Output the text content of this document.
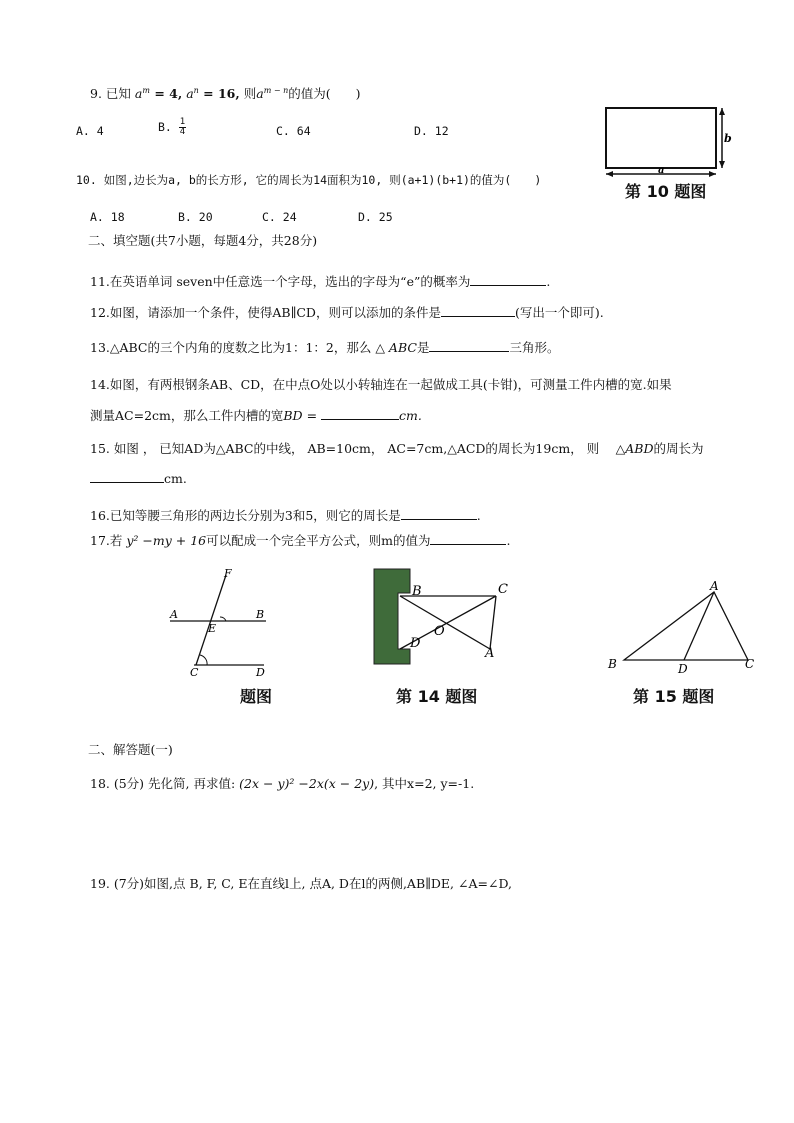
9. 已知 $a^m = 4$, $a^n = 16$, 则$a^{m - n}$的值为(　　)
A. 4	B. $\frac{1}{4}$	C. 64	D. 12
b
a
第 10 题图
10. 如图,边长为a, b的长方形, 它的周长为14面积为10, 则(a+1)(b+1)的值为(　　)
A. 18	B. 20	C. 24	D. 25
二、填空题(共7小题，每题4分，共28分)
11.在英语单词 seven中任意选一个字母，选出的字母为“e”的概率为	.
12.如图，请添加一个条件，使得AB∥CD，则可以添加的条件是	(写出一个即可).
13.△ABC的三个内角的度数之比为1：1：2，那么 △ ABC是	三角形。
14.如图，有两根钢条AB、CD，在中点O处以小转轴连在一起做成工具(卡钳)，可测量工件内槽的宽.如果
测量AC=2cm，那么工件内槽的宽BD =	cm.
15. 如图 ， 已知AD为△ABC的中线， AB=10cm， AC=7cm,△ACD的周长为19cm， 则　 △ABD的周长为
cm.
16.已知等腰三角形的两边长分别为3和5，则它的周长是	.
17.若 y² −my + 16可以配成一个完全平方公式，则m的值为	.
F
A	B
E
C	D
题图
B	C
O
D
A
第 14 题图
A
B	D	C
第 15 题图
二、解答题(一)
18. (5分) 先化简, 再求值: (2x − y)² −2x(x − 2y), 其中x=2, y=-1.
19. (7分)如图,点 B, F, C, E在直线l上, 点A, D在l的两侧,AB∥DE, ∠A=∠D,
